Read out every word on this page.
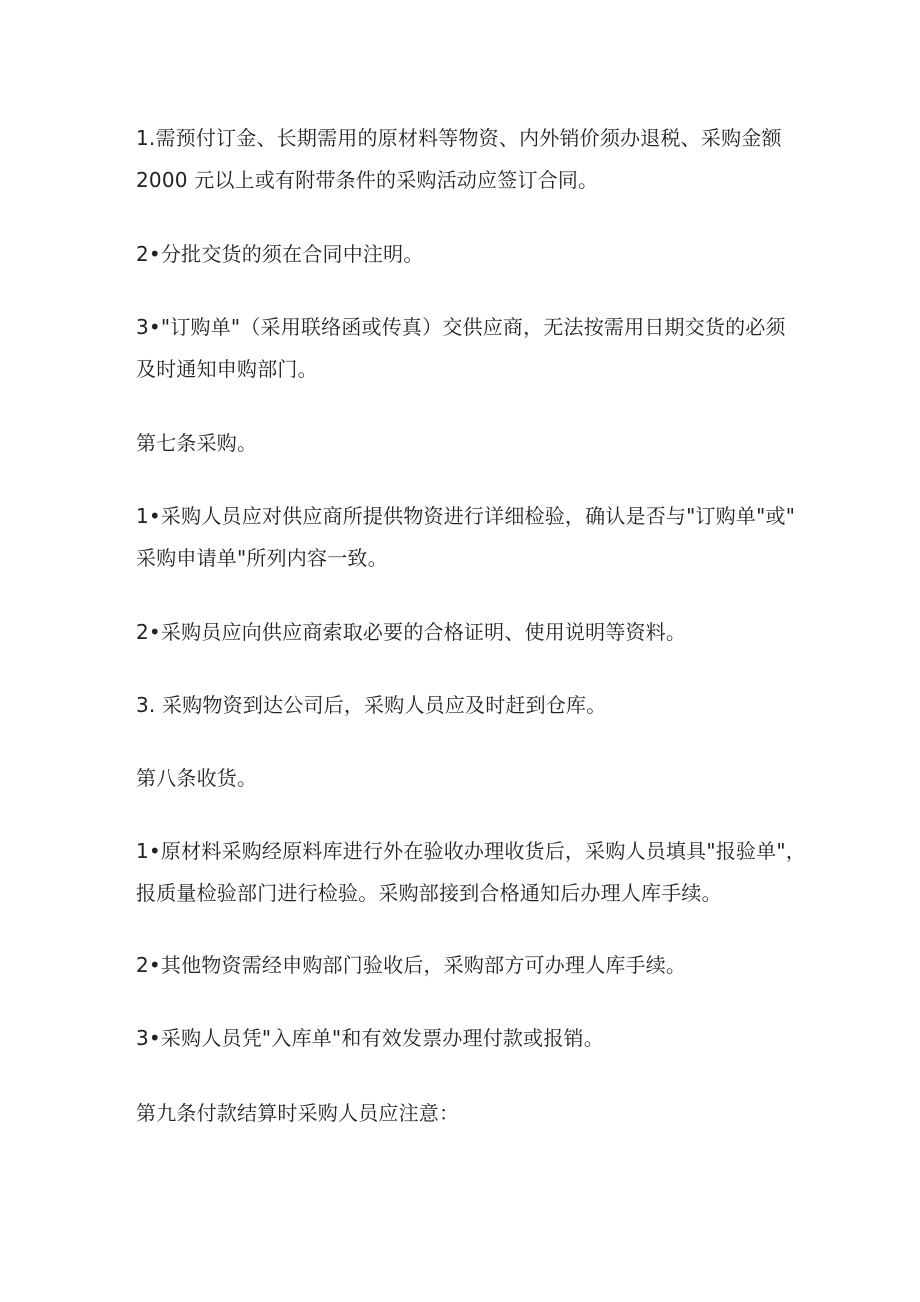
1.需预付订金、长期需用的原材料等物资、内外销价须办退税、采购金额
2000 元以上或有附带条件的采购活动应签订合同。

2•分批交货的须在合同中注明。

3•"订购单"（采用联络函或传真）交供应商，无法按需用日期交货的必须
及时通知申购部门。

第七条采购。

1•采购人员应对供应商所提供物资进行详细检验，确认是否与"订购单"或"
采购申请单"所列内容一致。

2•采购员应向供应商索取必要的合格证明、使用说明等资料。

3. 采购物资到达公司后，采购人员应及时赶到仓库。

第八条收货。

1•原材料采购经原料库进行外在验收办理收货后，采购人员填具"报验单"，
报质量检验部门进行检验。采购部接到合格通知后办理人库手续。

2•其他物资需经申购部门验收后，采购部方可办理人库手续。

3•采购人员凭"入库单"和有效发票办理付款或报销。

第九条付款结算时采购人员应注意：
